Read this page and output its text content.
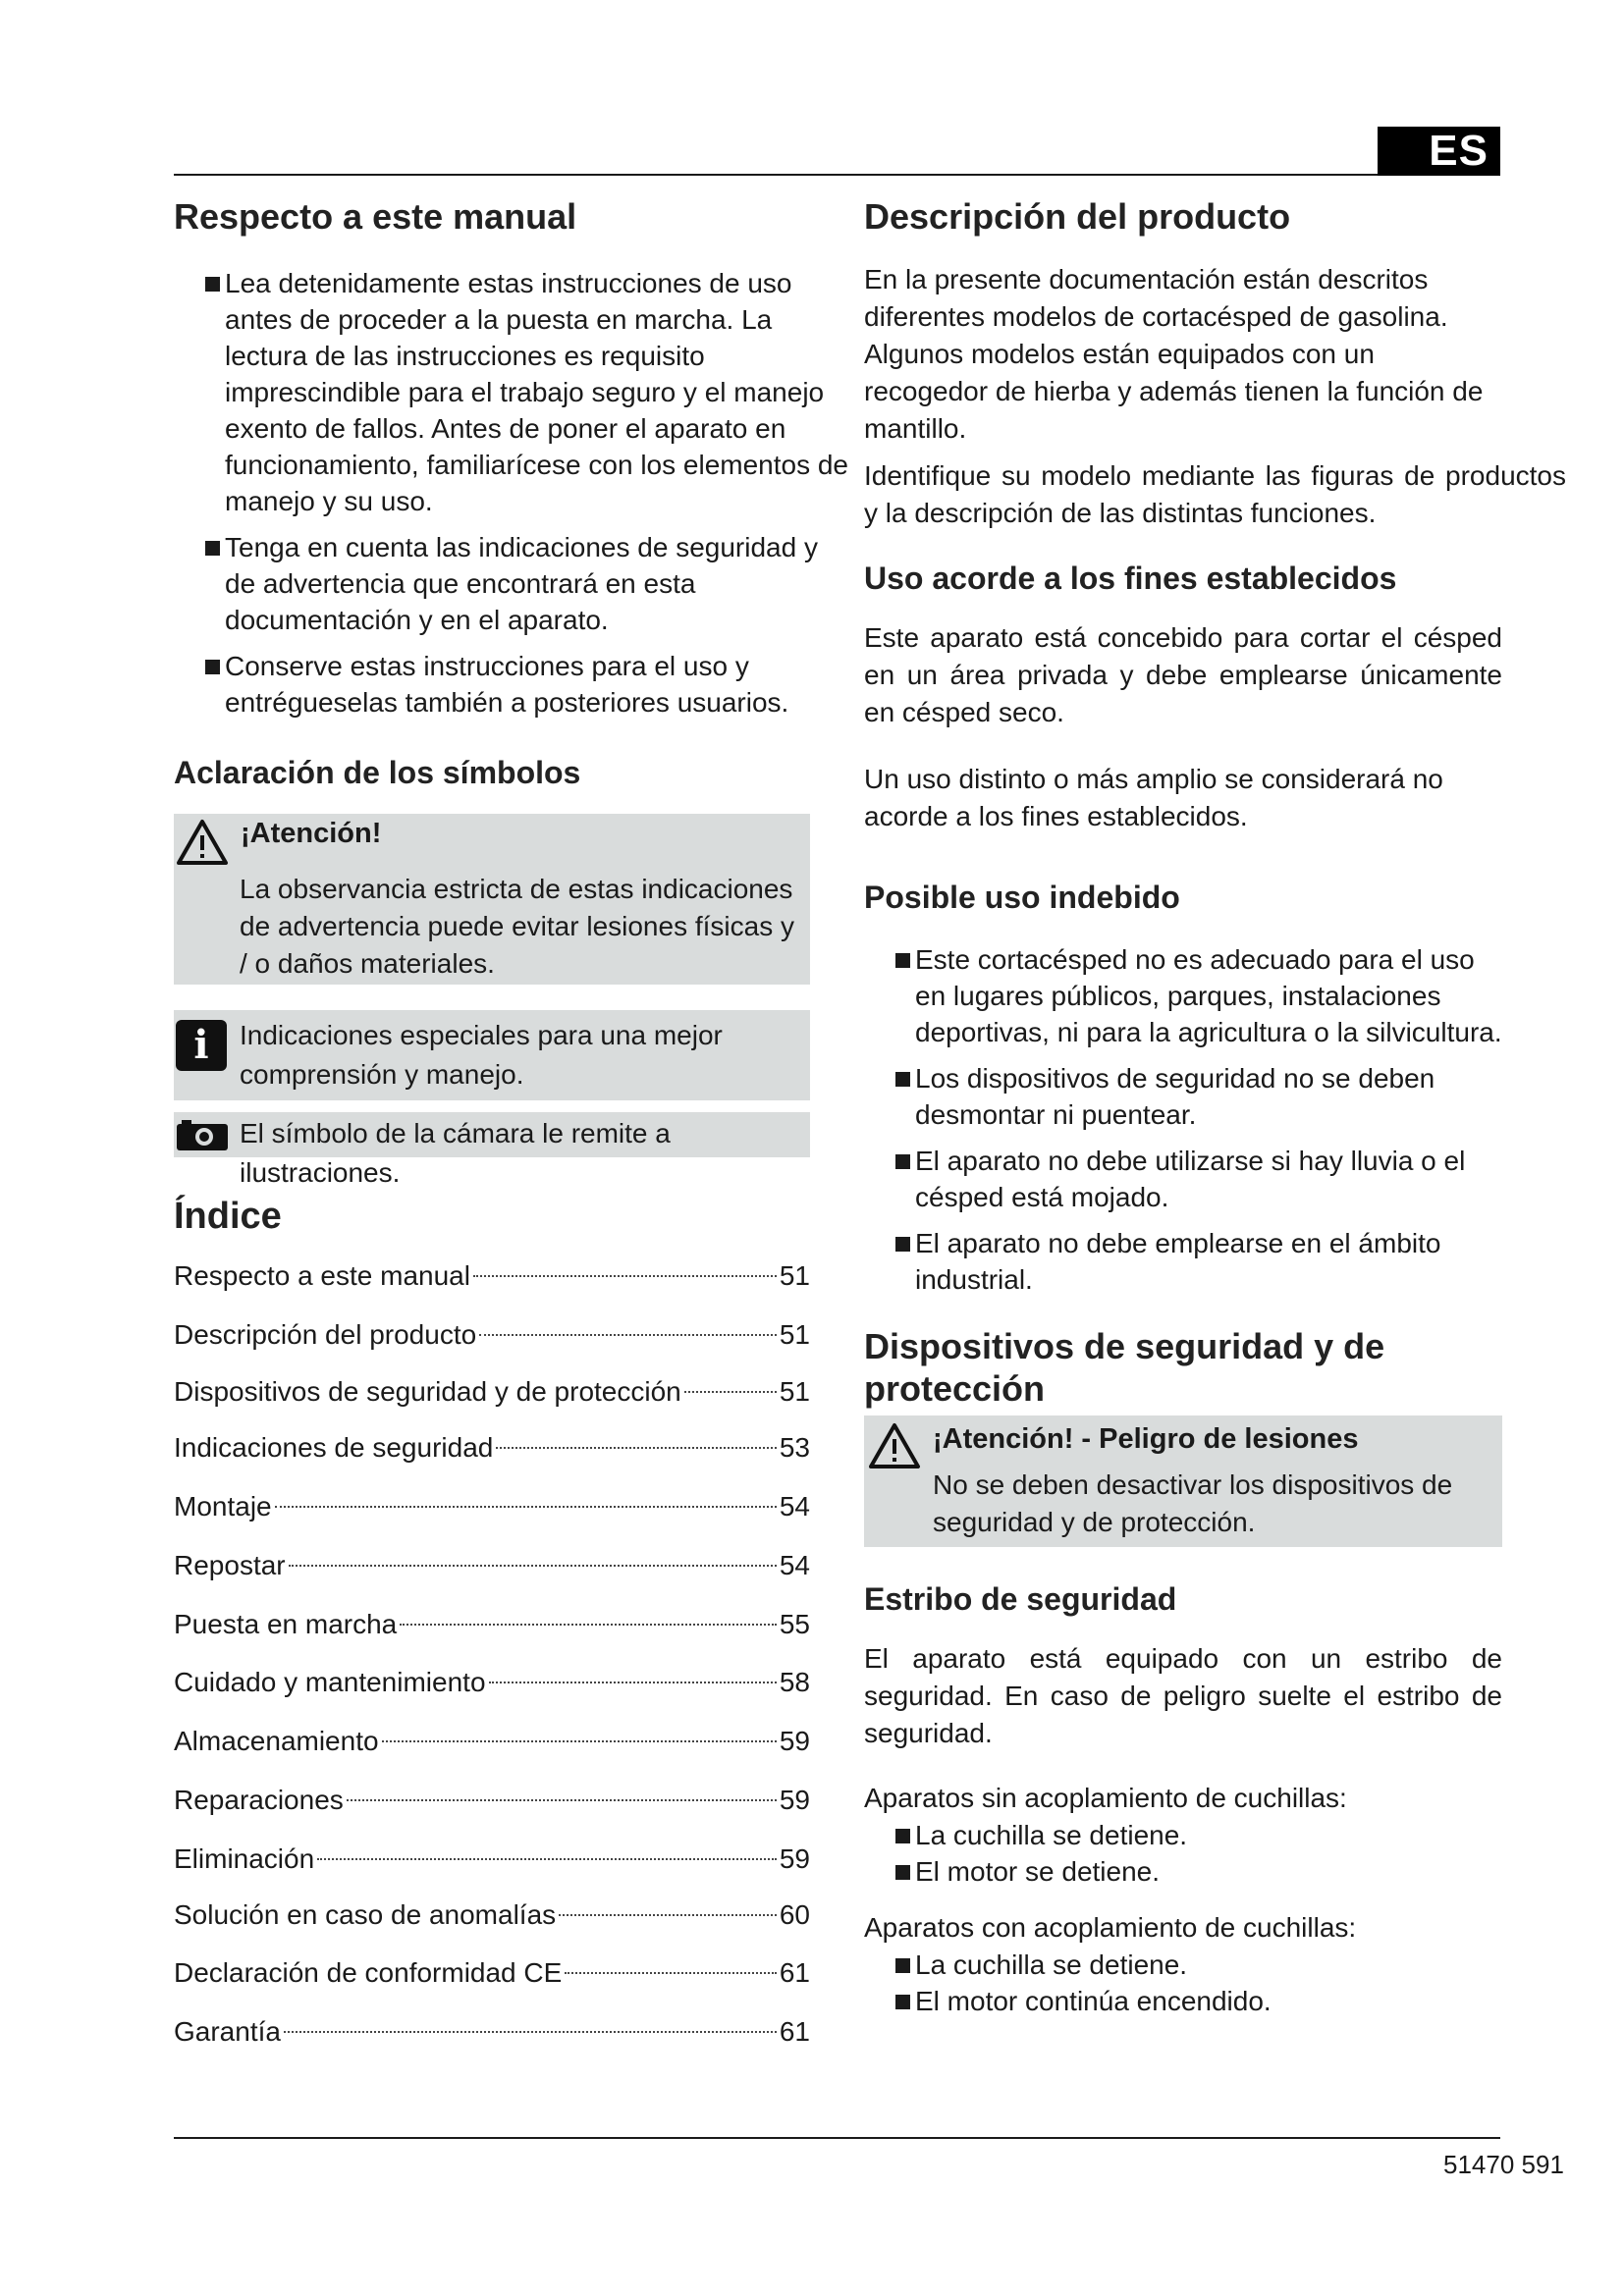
ES
Respecto a este manual
Lea detenidamente estas instrucciones de uso antes de proceder a la puesta en marcha. La lectura de las instrucciones es requisito imprescindible para el trabajo seguro y el manejo exento de fallos. Antes de poner el aparato en funcionamiento, familiarícese con los elementos de manejo y su uso.
Tenga en cuenta las indicaciones de seguridad y de advertencia que encontrará en esta documentación y en el aparato.
Conserve estas instrucciones para el uso y entrégueselas también a posteriores usuarios.
Aclaración de los símbolos
¡Atención!
La observancia estricta de estas indicaciones de advertencia puede evitar lesiones físicas y / o daños materiales.
i	Indicaciones especiales para una mejor comprensión y manejo.
El símbolo de la cámara le remite a ilustraciones.
Índice
Respecto a este manual	51
Descripción del producto	51
Dispositivos de seguridad y de protección	51
Indicaciones de seguridad	53
Montaje	54
Repostar	54
Puesta en marcha	55
Cuidado y mantenimiento	58
Almacenamiento	59
Reparaciones	59
Eliminación	59
Solución en caso de anomalías	60
Declaración de conformidad CE	61
Garantía	61
Descripción del producto

En la presente documentación están descritos diferentes modelos de cortacésped de gasolina. Algunos modelos están equipados con un recogedor de hierba y además tienen la función de mantillo.

Identifique su modelo mediante las figuras de productos y la descripción de las distintas funciones.

Uso acorde a los fines establecidos

Este aparato está concebido para cortar el césped en un área privada y debe emplearse únicamente en césped seco.

Un uso distinto o más amplio se considerará no acorde a los fines establecidos.

Posible uso indebido
Este cortacésped no es adecuado para el uso en lugares públicos, parques, instalaciones deportivas, ni para la agricultura o la silvicultura.
Los dispositivos de seguridad no se deben desmontar ni puentear.
El aparato no debe utilizarse si hay lluvia o el césped está mojado.
El aparato no debe emplearse en el ámbito industrial.
Dispositivos de seguridad y de protección
¡Atención! - Peligro de lesiones
No se deben desactivar los dispositivos de seguridad y de protección.
Estribo de seguridad

El aparato está equipado con un estribo de seguridad. En caso de peligro suelte el estribo de seguridad.

Aparatos sin acoplamiento de cuchillas:

La cuchilla se detiene.
El motor se detiene.

Aparatos con acoplamiento de cuchillas:

La cuchilla se detiene.
El motor continúa encendido.
51470 591
